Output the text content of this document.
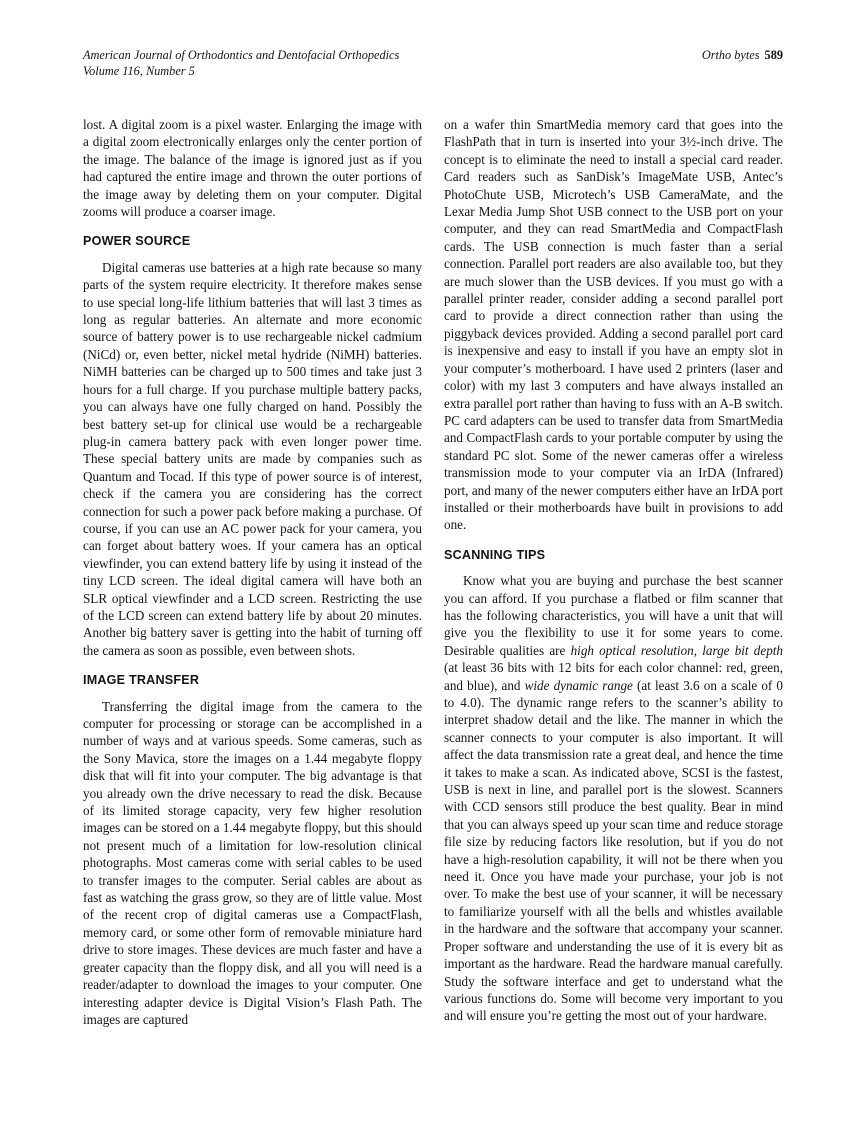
American Journal of Orthodontics and Dentofacial Orthopedics
Volume 116, Number 5
Ortho bytes 589

lost. A digital zoom is a pixel waster. Enlarging the image with a digital zoom electronically enlarges only the center portion of the image. The balance of the image is ignored just as if you had captured the entire image and thrown the outer portions of the image away by deleting them on your computer. Digital zooms will produce a coarser image.

POWER SOURCE

Digital cameras use batteries at a high rate because so many parts of the system require electricity. It therefore makes sense to use special long-life lithium batteries that will last 3 times as long as regular batteries. An alternate and more economic source of battery power is to use rechargeable nickel cadmium (NiCd) or, even better, nickel metal hydride (NiMH) batteries. NiMH batteries can be charged up to 500 times and take just 3 hours for a full charge. If you purchase multiple battery packs, you can always have one fully charged on hand. Possibly the best battery set-up for clinical use would be a rechargeable plug-in camera battery pack with even longer power time. These special battery units are made by companies such as Quantum and Tocad. If this type of power source is of interest, check if the camera you are considering has the correct connection for such a power pack before making a purchase. Of course, if you can use an AC power pack for your camera, you can forget about battery woes. If your camera has an optical viewfinder, you can extend battery life by using it instead of the tiny LCD screen. The ideal digital camera will have both an SLR optical viewfinder and a LCD screen. Restricting the use of the LCD screen can extend battery life by about 20 minutes. Another big battery saver is getting into the habit of turning off the camera as soon as possible, even between shots.

IMAGE TRANSFER

Transferring the digital image from the camera to the computer for processing or storage can be accomplished in a number of ways and at various speeds. Some cameras, such as the Sony Mavica, store the images on a 1.44 megabyte floppy disk that will fit into your computer. The big advantage is that you already own the drive necessary to read the disk. Because of its limited storage capacity, very few higher resolution images can be stored on a 1.44 megabyte floppy, but this should not present much of a limitation for low-resolution clinical photographs. Most cameras come with serial cables to be used to transfer images to the computer. Serial cables are about as fast as watching the grass grow, so they are of little value. Most of the recent crop of digital cameras use a CompactFlash, memory card, or some other form of removable miniature hard drive to store images. These devices are much faster and have a greater capacity than the floppy disk, and all you will need is a reader/adapter to download the images to your computer. One interesting adapter device is Digital Vision’s Flash Path. The images are captured

on a wafer thin SmartMedia memory card that goes into the FlashPath that in turn is inserted into your 3½-inch drive. The concept is to eliminate the need to install a special card reader. Card readers such as SanDisk’s ImageMate USB, Antec’s PhotoChute USB, Microtech’s USB CameraMate, and the Lexar Media Jump Shot USB connect to the USB port on your computer, and they can read SmartMedia and CompactFlash cards. The USB connection is much faster than a serial connection. Parallel port readers are also available too, but they are much slower than the USB devices. If you must go with a parallel printer reader, consider adding a second parallel port card to provide a direct connection rather than using the piggyback devices provided. Adding a second parallel port card is inexpensive and easy to install if you have an empty slot in your computer’s motherboard. I have used 2 printers (laser and color) with my last 3 computers and have always installed an extra parallel port rather than having to fuss with an A-B switch. PC card adapters can be used to transfer data from SmartMedia and CompactFlash cards to your portable computer by using the standard PC slot. Some of the newer cameras offer a wireless transmission mode to your computer via an IrDA (Infrared) port, and many of the newer computers either have an IrDA port installed or their motherboards have built in provisions to add one.

SCANNING TIPS

Know what you are buying and purchase the best scanner you can afford. If you purchase a flatbed or film scanner that has the following characteristics, you will have a unit that will give you the flexibility to use it for some years to come. Desirable qualities are high optical resolution, large bit depth (at least 36 bits with 12 bits for each color channel: red, green, and blue), and wide dynamic range (at least 3.6 on a scale of 0 to 4.0). The dynamic range refers to the scanner’s ability to interpret shadow detail and the like. The manner in which the scanner connects to your computer is also important. It will affect the data transmission rate a great deal, and hence the time it takes to make a scan. As indicated above, SCSI is the fastest, USB is next in line, and parallel port is the slowest. Scanners with CCD sensors still produce the best quality. Bear in mind that you can always speed up your scan time and reduce storage file size by reducing factors like resolution, but if you do not have a high-resolution capability, it will not be there when you need it. Once you have made your purchase, your job is not over. To make the best use of your scanner, it will be necessary to familiarize yourself with all the bells and whistles available in the hardware and the software that accompany your scanner. Proper software and understanding the use of it is every bit as important as the hardware. Read the hardware manual carefully. Study the software interface and get to understand what the various functions do. Some will become very important to you and will ensure you’re getting the most out of your hardware.
